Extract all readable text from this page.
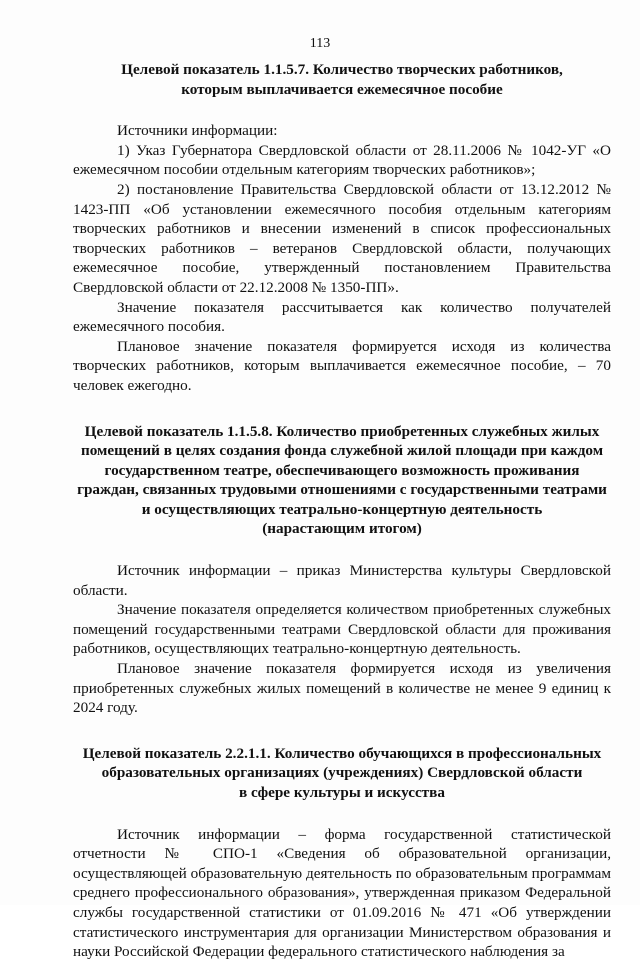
113
Целевой показатель 1.1.5.7. Количество творческих работников,
которым выплачивается ежемесячное пособие

Источники информации:

1) Указ Губернатора Свердловской области от 28.11.2006 № 1042-УГ «О ежемесячном пособии отдельным категориям творческих работников»;

2) постановление Правительства Свердловской области от 13.12.2012 № 1423-ПП «Об установлении ежемесячного пособия отдельным категориям творческих работников и внесении изменений в список профессиональных творческих работников – ветеранов Свердловской области, получающих ежемесячное пособие, утвержденный постановлением Правительства Свердловской области от 22.12.2008 № 1350-ПП».

Значение показателя рассчитывается как количество получателей ежемесячного пособия.

Плановое значение показателя формируется исходя из количества творческих работников, которым выплачивается ежемесячное пособие, – 70 человек ежегодно.

Целевой показатель 1.1.5.8. Количество приобретенных служебных жилых
помещений в целях создания фонда служебной жилой площади при каждом
государственном театре, обеспечивающего возможность проживания
граждан, связанных трудовыми отношениями с государственными театрами
и осуществляющих театрально-концертную деятельность
(нарастающим итогом)

Источник информации – приказ Министерства культуры Свердловской области.

Значение показателя определяется количеством приобретенных служебных помещений государственными театрами Свердловской области для проживания работников, осуществляющих театрально-концертную деятельность.

Плановое значение показателя формируется исходя из увеличения приобретенных служебных жилых помещений в количестве не менее 9 единиц к 2024 году.

Целевой показатель 2.2.1.1. Количество обучающихся в профессиональных
образовательных организациях (учреждениях) Свердловской области
в сфере культуры и искусства

Источник информации – форма государственной статистической отчетности № СПО-1 «Сведения об образовательной организации, осуществляющей образовательную деятельность по образовательным программам среднего профессионального образования», утвержденная приказом Федеральной службы государственной статистики от 01.09.2016 № 471 «Об утверждении статистического инструментария для организации Министерством образования и науки Российской Федерации федерального статистического наблюдения за
